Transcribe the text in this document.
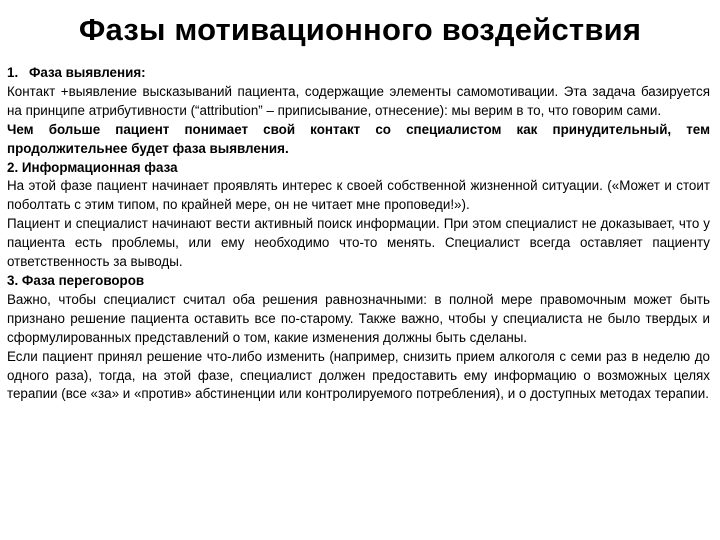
Фазы мотивационного воздействия

1. Фаза выявления:

Контакт +выявление высказываний пациента, содержащие элементы самомотивации. Эта задача базируется на принципе атрибутивности (“attribution” – приписывание, отнесение): мы верим в то, что говорим сами.

Чем больше пациент понимает свой контакт со специалистом как принудительный, тем продолжительнее будет фаза выявления.

2. Информационная фаза

На этой фазе пациент начинает проявлять интерес к своей собственной жизненной ситуации. («Может и стоит поболтать с этим типом, по крайней мере, он не читает мне проповеди!»).

Пациент и специалист начинают вести активный поиск информации. При этом специалист не доказывает, что у пациента есть проблемы, или ему необходимо что-то менять. Специалист всегда оставляет пациенту ответственность за выводы.

3. Фаза переговоров

Важно, чтобы специалист считал оба решения равнозначными: в полной мере правомочным может быть признано решение пациента оставить все по-старому. Также важно, чтобы у специалиста не было твердых и сформулированных представлений о том, какие изменения должны быть сделаны.

Если пациент принял решение что-либо изменить (например, снизить прием алкоголя с семи раз в неделю до одного раза), тогда, на этой фазе, специалист должен предоставить ему информацию о возможных целях терапии (все «за» и «против» абстиненции или контролируемого потребления), и о доступных методах терапии.
